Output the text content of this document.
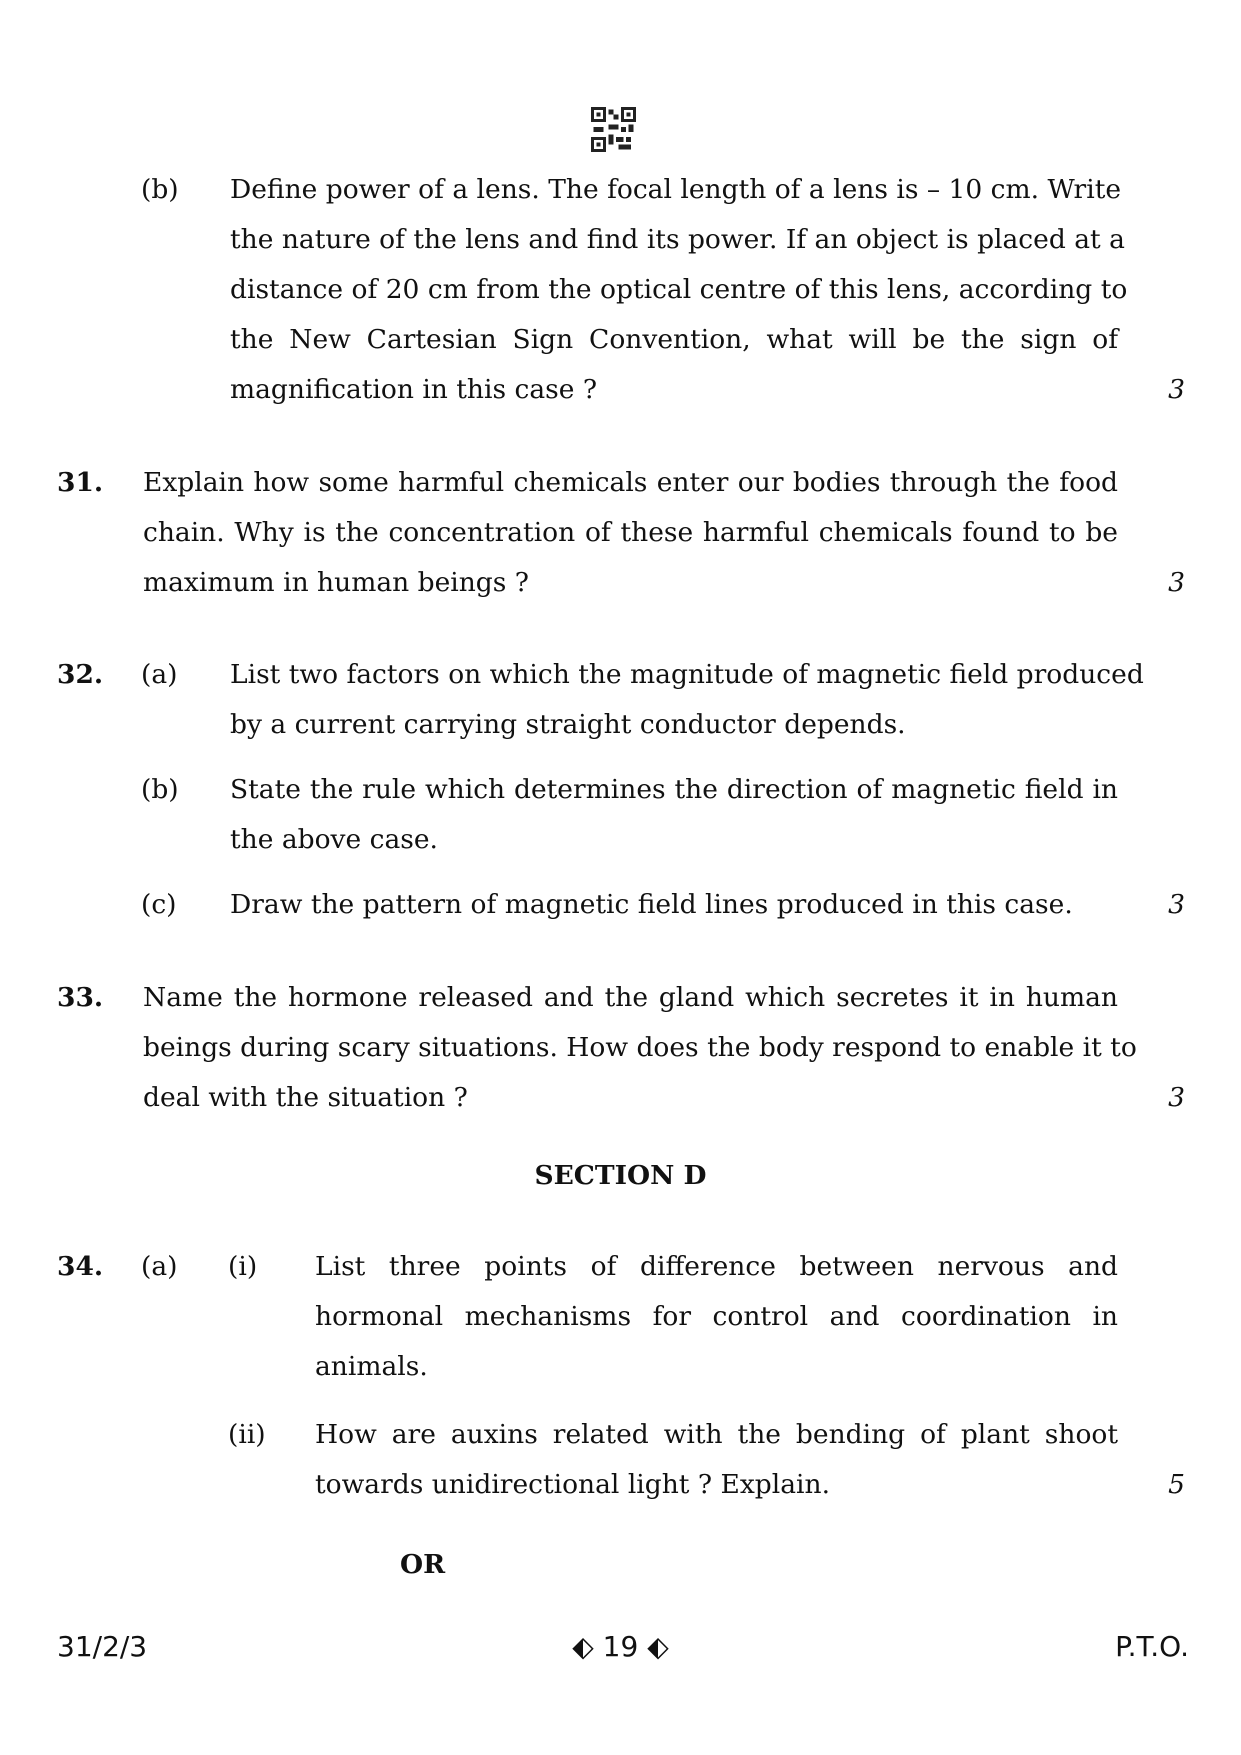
(b) Define power of a lens. The focal length of a lens is – 10 cm. Write
the nature of the lens and find its power. If an object is placed at a
distance of 20 cm from the optical centre of this lens, according to
the New Cartesian Sign Convention, what will be the sign of
magnification in this case ?	3
31. Explain how some harmful chemicals enter our bodies through the food
chain. Why is the concentration of these harmful chemicals found to be
maximum in human beings ?	3
32. (a) List two factors on which the magnitude of magnetic field produced
by a current carrying straight conductor depends.
(b) State the rule which determines the direction of magnetic field in
the above case.
(c) Draw the pattern of magnetic field lines produced in this case.	3
33. Name the hormone released and the gland which secretes it in human
beings during scary situations. How does the body respond to enable it to
deal with the situation ?	3
SECTION D
34. (a) (i) List three points of difference between nervous and
hormonal mechanisms for control and coordination in
animals.
(ii) How are auxins related with the bending of plant shoot
towards unidirectional light ? Explain.	5
OR
31/2/3	⬖ 19 ⬖	P.T.O.
